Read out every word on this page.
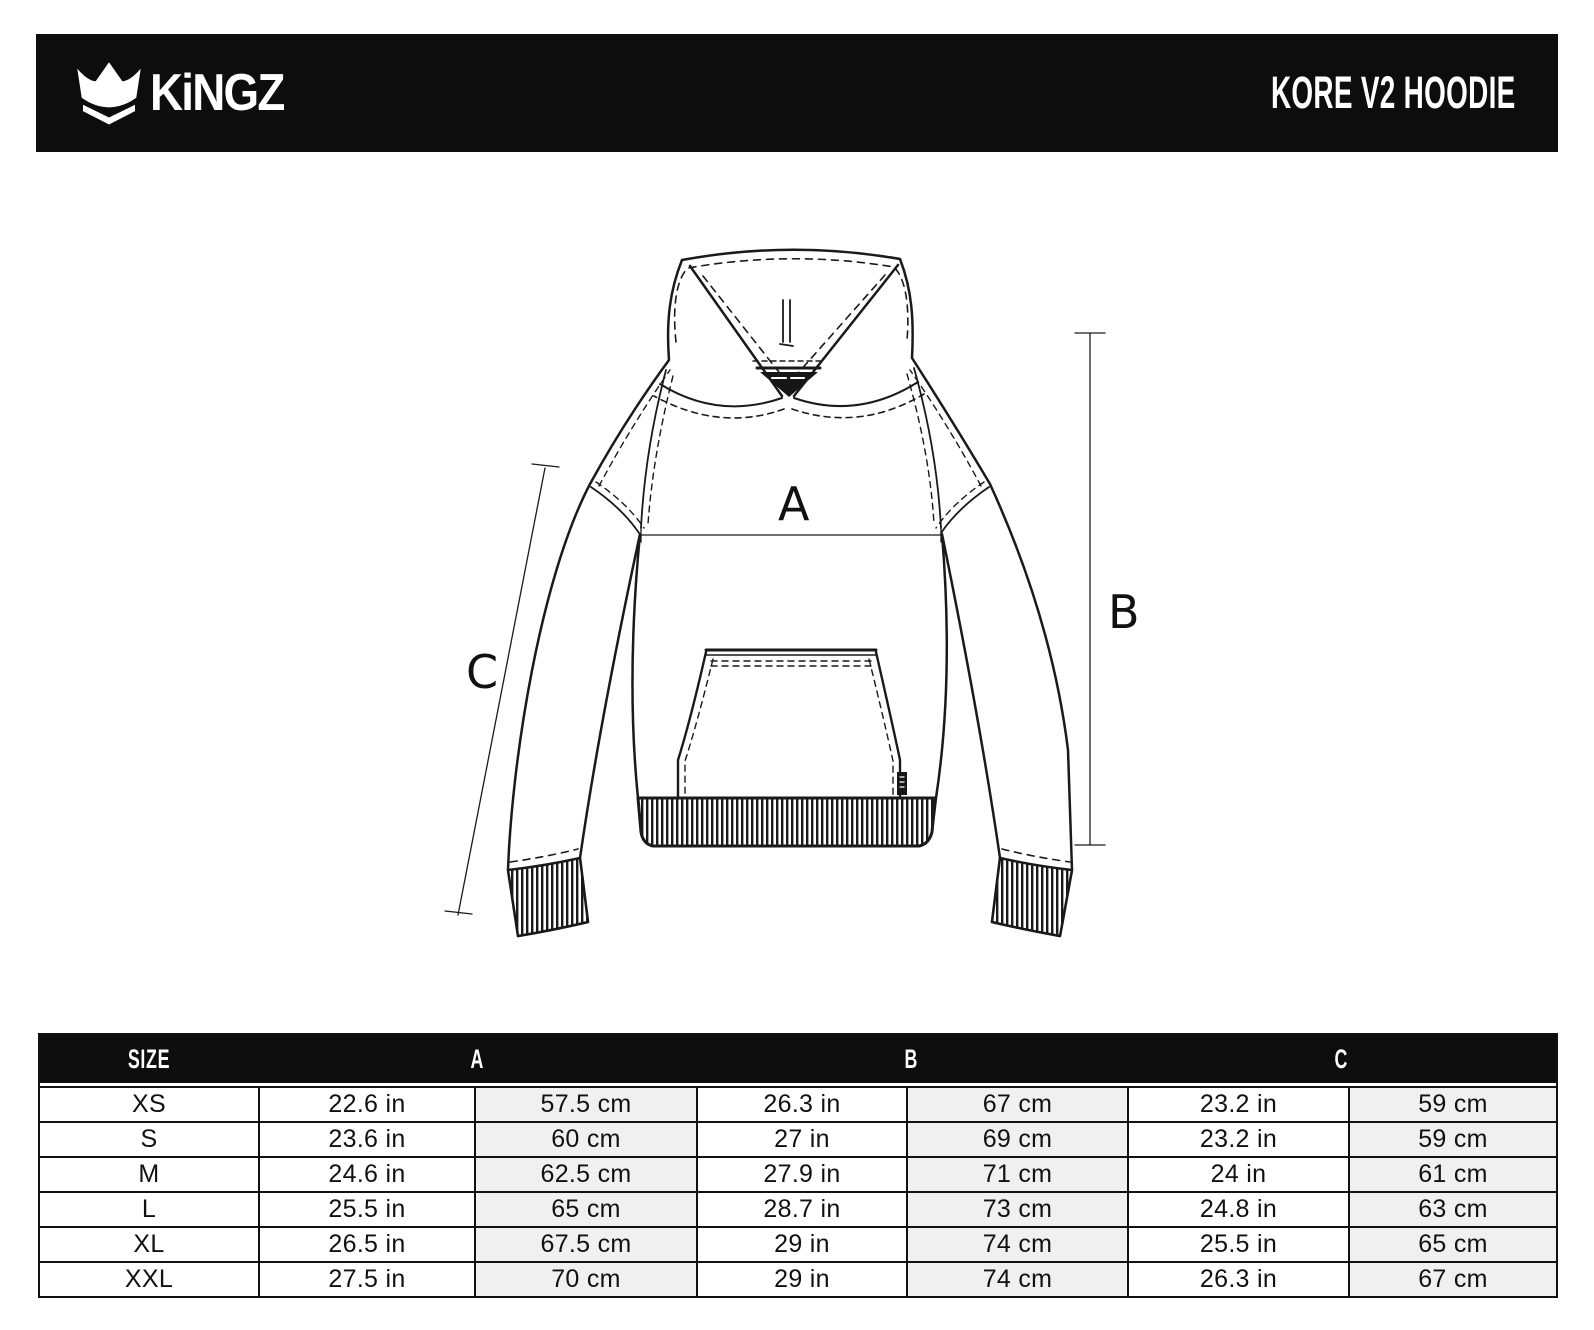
KiNGZ	KORE V2 HOODIE
A
B
C
SIZE	A	B	C
XS	22.6 in	57.5 cm	26.3 in	67 cm	23.2 in	59 cm
S	23.6 in	60 cm	27 in	69 cm	23.2 in	59 cm
M	24.6 in	62.5 cm	27.9 in	71 cm	24 in	61 cm
L	25.5 in	65 cm	28.7 in	73 cm	24.8 in	63 cm
XL	26.5 in	67.5 cm	29 in	74 cm	25.5 in	65 cm
XXL	27.5 in	70 cm	29 in	74 cm	26.3 in	67 cm
